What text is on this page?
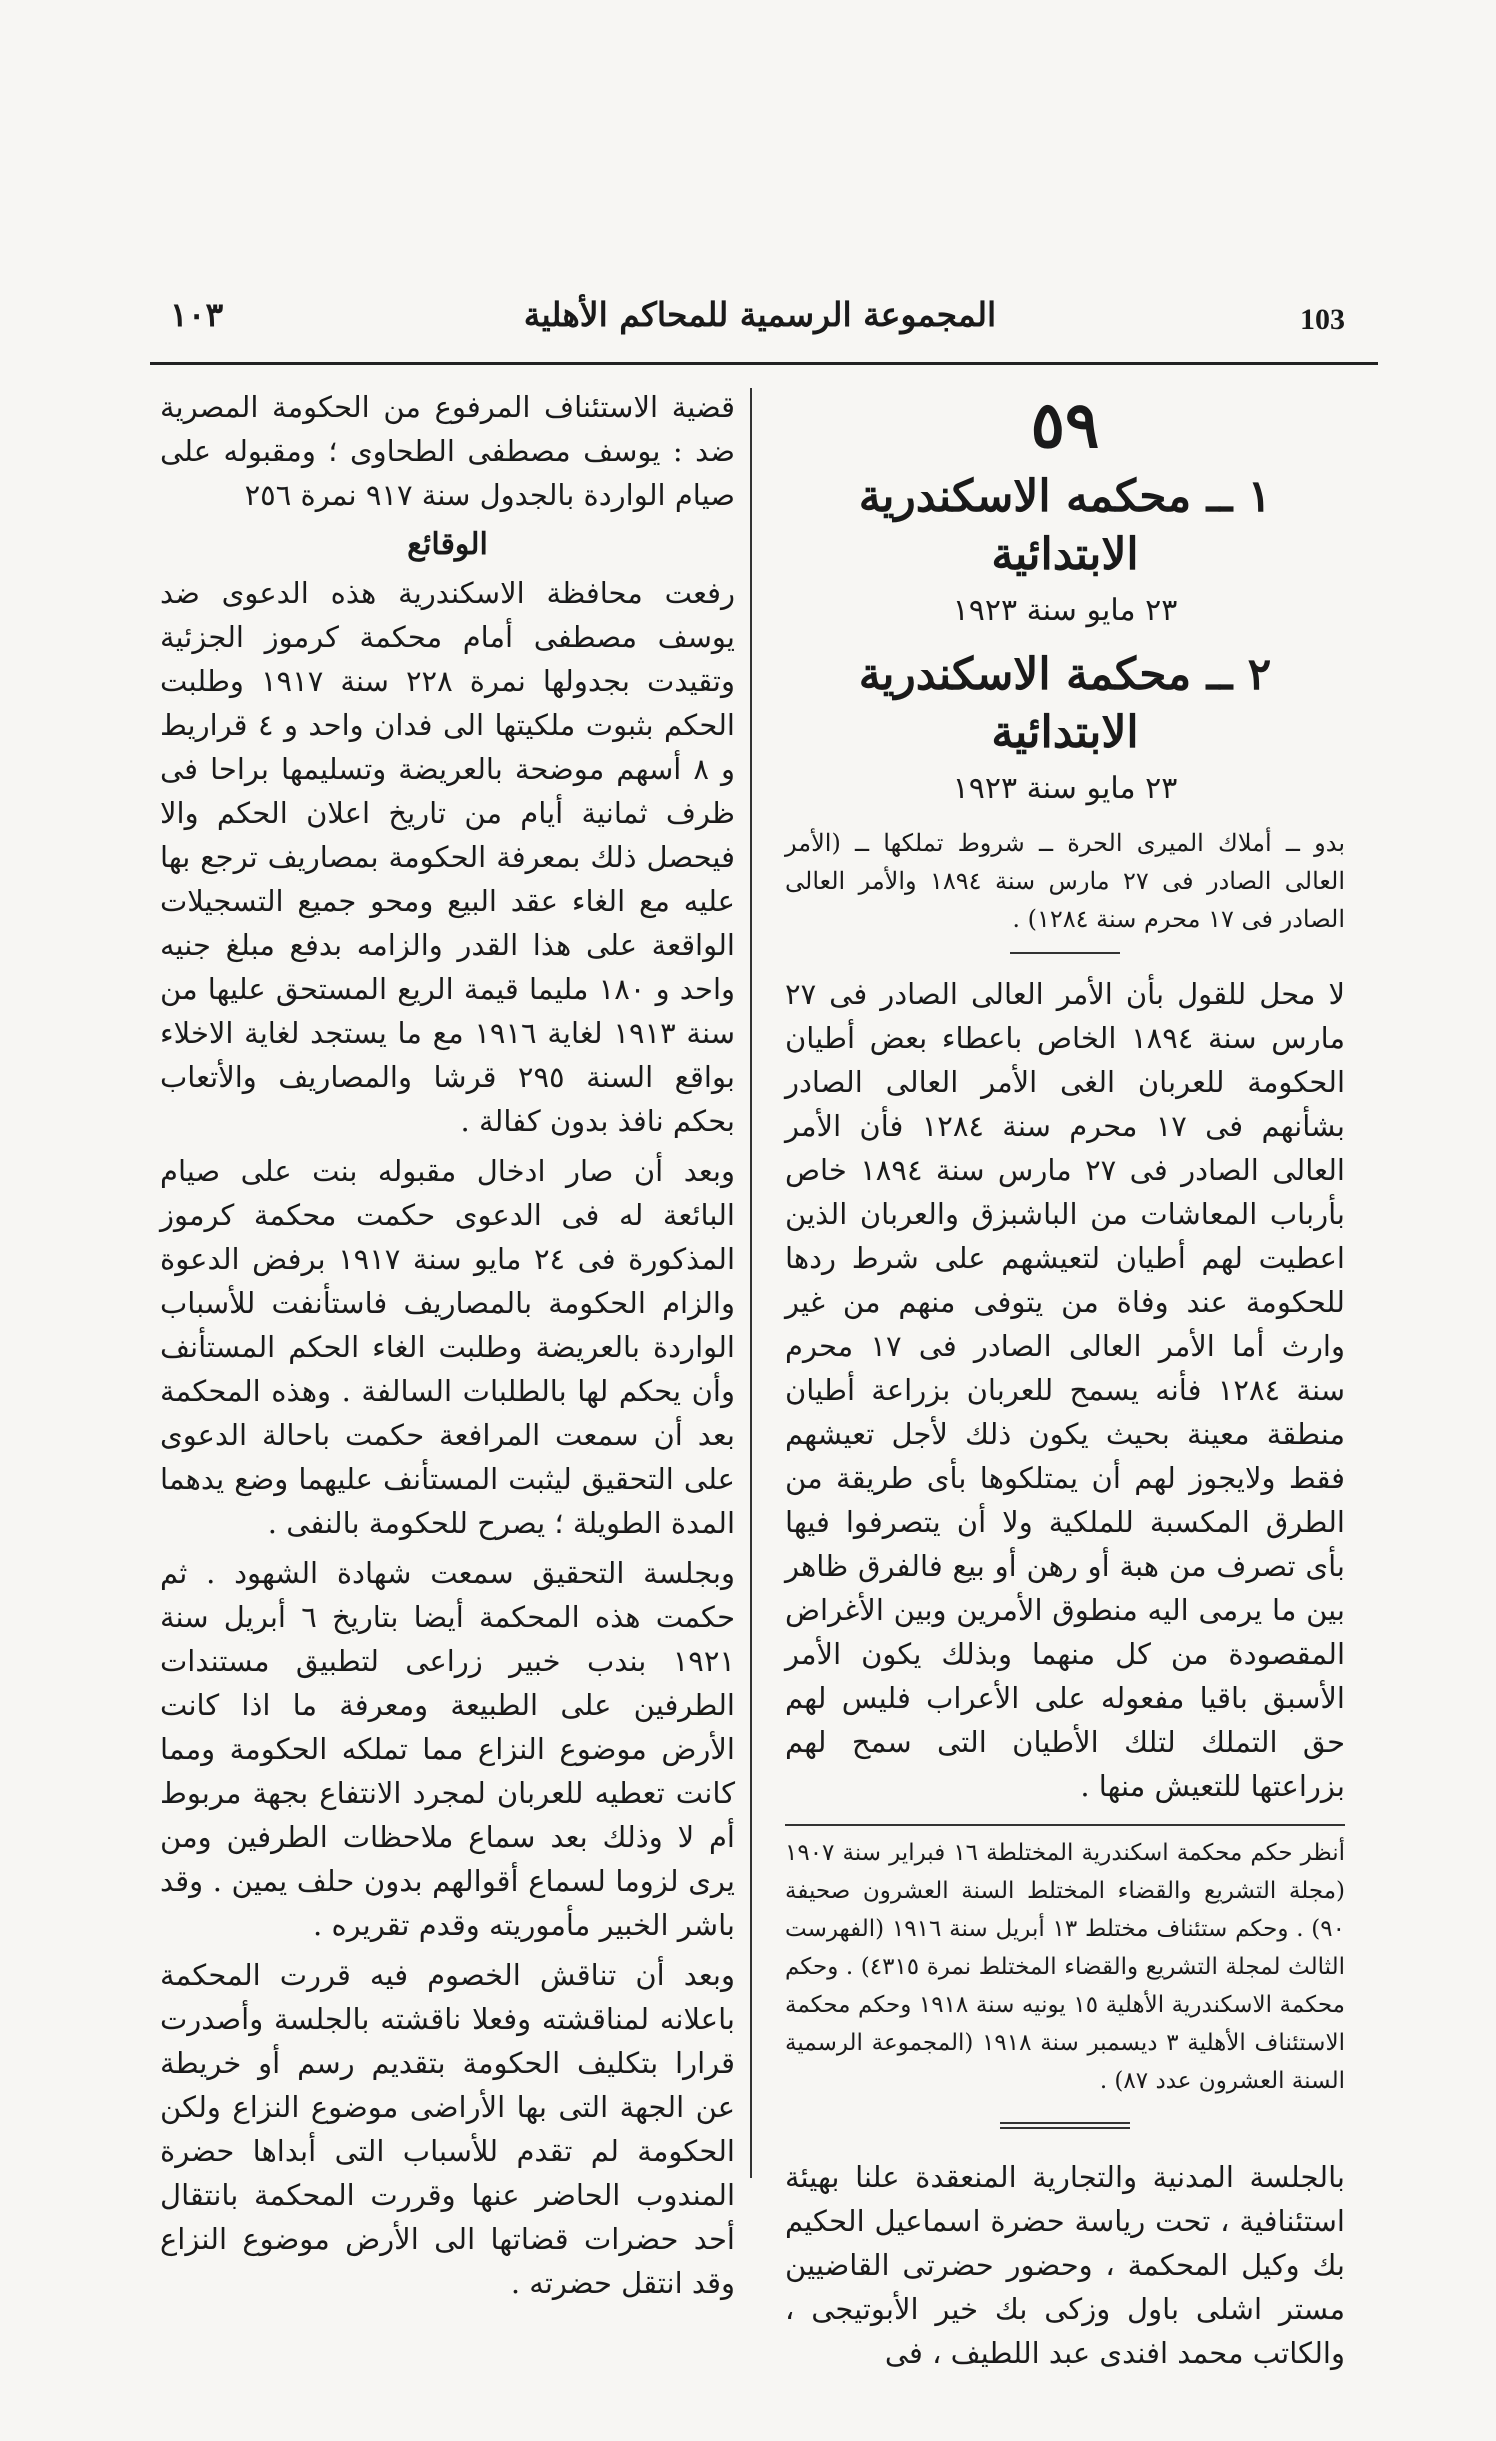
103
المجموعة الرسمية للمحاكم الأهلية
١٠٣
٥٩
١ ــ محكمه الاسكندرية الابتدائية
٢٣ مايو سنة ١٩٢٣
٢ ــ محكمة الاسكندرية الابتدائية
٢٣ مايو سنة ١٩٢٣
بدو ــ أملاك الميرى الحرة ــ شروط تملكها ــ (الأمر العالى الصادر فى ٢٧ مارس سنة ١٨٩٤ والأمر العالى الصادر فى ١٧ محرم سنة ١٢٨٤) .

لا محل للقول بأن الأمر العالى الصادر فى ٢٧ مارس سنة ١٨٩٤ الخاص باعطاء بعض أطيان الحكومة للعربان الغى الأمر العالى الصادر بشأنهم فى ١٧ محرم سنة ١٢٨٤ فأن الأمر العالى الصادر فى ٢٧ مارس سنة ١٨٩٤ خاص بأرباب المعاشات من الباشبزق والعربان الذين اعطيت لهم أطيان لتعيشهم على شرط ردها للحكومة عند وفاة من يتوفى منهم من غير وارث أما الأمر العالى الصادر فى ١٧ محرم سنة ١٢٨٤ فأنه يسمح للعربان بزراعة أطيان منطقة معينة بحيث يكون ذلك لأجل تعيشهم فقط ولايجوز لهم أن يمتلكوها بأى طريقة من الطرق المكسبة للملكية ولا أن يتصرفوا فيها بأى تصرف من هبة أو رهن أو بيع فالفرق ظاهر بين ما يرمى اليه منطوق الأمرين وبين الأغراض المقصودة من كل منهما وبذلك يكون الأمر الأسبق باقيا مفعوله على الأعراب فليس لهم حق التملك لتلك الأطيان التى سمح لهم بزراعتها للتعيش منها .

أنظر حكم محكمة اسكندرية المختلطة ١٦ فبراير سنة ١٩٠٧ (مجلة التشريع والقضاء المختلط السنة العشرون صحيفة ٩٠) . وحكم ستئناف مختلط ١٣ أبريل سنة ١٩١٦ (الفهرست الثالث لمجلة التشريع والقضاء المختلط نمرة ٤٣١٥) . وحكم محكمة الاسكندرية الأهلية ١٥ يونيه سنة ١٩١٨ وحكم محكمة الاستئناف الأهلية ٣ ديسمبر سنة ١٩١٨ (المجموعة الرسمية السنة العشرون عدد ٨٧) .

بالجلسة المدنية والتجارية المنعقدة علنا بهيئة استئنافية ، تحت رياسة حضرة اسماعيل الحكيم بك وكيل المحكمة ، وحضور حضرتى القاضيين مستر اشلى باول وزكى بك خير الأبوتيجى ، والكاتب محمد افندى عبد اللطيف ، فى

قضية الاستئناف المرفوع من الحكومة المصرية ضد : يوسف مصطفى الطحاوى ؛ ومقبوله على صيام الواردة بالجدول سنة ٩١٧ نمرة ٢٥٦

الوقائع

رفعت محافظة الاسكندرية هذه الدعوى ضد يوسف مصطفى أمام محكمة كرموز الجزئية وتقيدت بجدولها نمرة ٢٢٨ سنة ١٩١٧ وطلبت الحكم بثبوت ملكيتها الى فدان واحد و ٤ قراريط و ٨ أسهم موضحة بالعريضة وتسليمها براحا فى ظرف ثمانية أيام من تاريخ اعلان الحكم والا فيحصل ذلك بمعرفة الحكومة بمصاريف ترجع بها عليه مع الغاء عقد البيع ومحو جميع التسجيلات الواقعة على هذا القدر والزامه بدفع مبلغ جنيه واحد و ١٨٠ مليما قيمة الريع المستحق عليها من سنة ١٩١٣ لغاية ١٩١٦ مع ما يستجد لغاية الاخلاء بواقع السنة ٢٩٥ قرشا والمصاريف والأتعاب بحكم نافذ بدون كفالة .

وبعد أن صار ادخال مقبوله بنت على صيام البائعة له فى الدعوى حكمت محكمة كرموز المذكورة فى ٢٤ مايو سنة ١٩١٧ برفض الدعوة والزام الحكومة بالمصاريف فاستأنفت للأسباب الواردة بالعريضة وطلبت الغاء الحكم المستأنف وأن يحكم لها بالطلبات السالفة . وهذه المحكمة بعد أن سمعت المرافعة حكمت باحالة الدعوى على التحقيق ليثبت المستأنف عليهما وضع يدهما المدة الطويلة ؛ يصرح للحكومة بالنفى .

وبجلسة التحقيق سمعت شهادة الشهود . ثم حكمت هذه المحكمة أيضا بتاريخ ٦ أبريل سنة ١٩٢١ بندب خبير زراعى لتطبيق مستندات الطرفين على الطبيعة ومعرفة ما اذا كانت الأرض موضوع النزاع مما تملكه الحكومة ومما كانت تعطيه للعربان لمجرد الانتفاع بجهة مربوط أم لا وذلك بعد سماع ملاحظات الطرفين ومن يرى لزوما لسماع أقوالهم بدون حلف يمين . وقد باشر الخبير مأموريته وقدم تقريره .

وبعد أن تناقش الخصوم فيه قررت المحكمة باعلانه لمناقشته وفعلا ناقشته بالجلسة وأصدرت قرارا بتكليف الحكومة بتقديم رسم أو خريطة عن الجهة التى بها الأراضى موضوع النزاع ولكن الحكومة لم تقدم للأسباب التى أبداها حضرة المندوب الحاضر عنها وقررت المحكمة بانتقال أحد حضرات قضاتها الى الأرض موضوع النزاع وقد انتقل حضرته .
